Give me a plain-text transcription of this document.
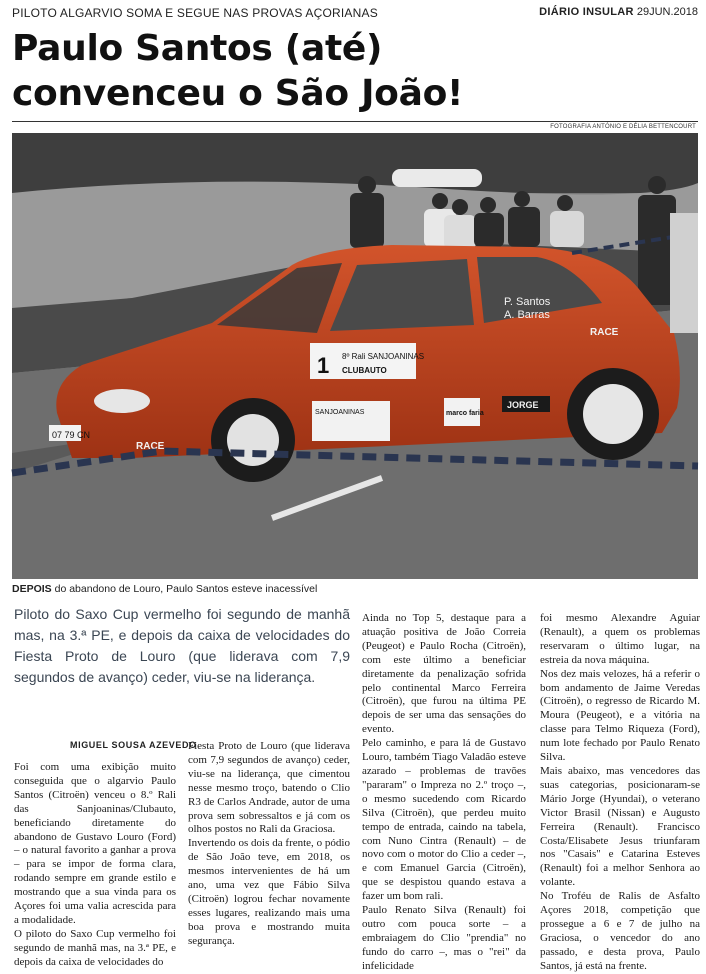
PILOTO ALGARVIO SOMA E SEGUE NAS PROVAS AÇORIANAS	DIÁRIO INSULAR 29JUN.2018
Paulo Santos (até)
convenceu o São João!
FOTOGRAFIA ANTÓNIO E DÉLIA BETTENCOURT
07 79 CN
1 8º Rali SANJOANINAS
CLUBAUTO
P. Santos
A. Barras
SANJOANINAS	marco faria
JORGE
RACE
RACE
DEPOIS do abandono de Louro, Paulo Santos esteve inacessível

Piloto do Saxo Cup vermelho foi segundo de manhã mas, na 3.ª PE, e depois da caixa de velocidades do Fiesta Proto de Louro (que liderava com 7,9 segundos de avanço) ceder, viu-se na liderança.

MIGUEL SOUSA AZEVEDO

Foi com uma exibição muito conseguida que o algarvio Paulo Santos (Citroën) venceu o 8.º Rali das Sanjoaninas/Clubauto, beneficiando diretamente do abandono de Gustavo Louro (Ford) – o natural favorito a ganhar a prova – para se impor de forma clara, rodando sempre em grande estilo e mostrando que a sua vinda para os Açores foi uma valia acrescida para a modalidade.

O piloto do Saxo Cup vermelho foi segundo de manhã mas, na 3.ª PE, e depois da caixa de velocidades do

Fiesta Proto de Louro (que liderava com 7,9 segundos de avanço) ceder, viu-se na liderança, que cimentou nesse mesmo troço, batendo o Clio R3 de Carlos Andrade, autor de uma prova sem sobressaltos e já com os olhos postos no Rali da Graciosa.

Invertendo os dois da frente, o pódio de São João teve, em 2018, os mesmos intervenientes de há um ano, uma vez que Fábio Silva (Citroën) logrou fechar novamente esses lugares, realizando mais uma boa prova e mostrando muita segurança.

Ainda no Top 5, destaque para a atuação positiva de João Correia (Peugeot) e Paulo Rocha (Citroën), com este último a beneficiar diretamente da penalização sofrida pelo continental Marco Ferreira (Citroën), que furou na última PE depois de ser uma das sensações do evento.

Pelo caminho, e para lá de Gustavo Louro, também Tiago Valadão esteve azarado – problemas de travões "pararam" o Impreza no 2.º troço –, o mesmo sucedendo com Ricardo Silva (Citroën), que perdeu muito tempo de entrada, caindo na tabela, com Nuno Cintra (Renault) – de novo com o motor do Clio a ceder –, e com Emanuel Garcia (Citroën), que se despistou quando estava a fazer um bom rali.

Paulo Renato Silva (Renault) foi outro com pouca sorte – a embraiagem do Clio "prendia" no fundo do carro –, mas o "rei" da infelicidade

foi mesmo Alexandre Aguiar (Renault), a quem os problemas reservaram o último lugar, na estreia da nova máquina.

Nos dez mais velozes, há a referir o bom andamento de Jaime Veredas (Citroën), o regresso de Ricardo M. Moura (Peugeot), e a vitória na classe para Telmo Riqueza (Ford), num lote fechado por Paulo Renato Silva.

Mais abaixo, mas vencedores das suas categorias, posicionaram-se Mário Jorge (Hyundai), o veterano Victor Brasil (Nissan) e Augusto Ferreira (Renault). Francisco Costa/Elisabete Jesus triunfaram nos "Casais" e Catarina Esteves (Renault) foi a melhor Senhora ao volante.

No Troféu de Ralis de Asfalto Açores 2018, competição que prossegue a 6 e 7 de julho na Graciosa, o vencedor do ano passado, e desta prova, Paulo Santos, já está na frente.
